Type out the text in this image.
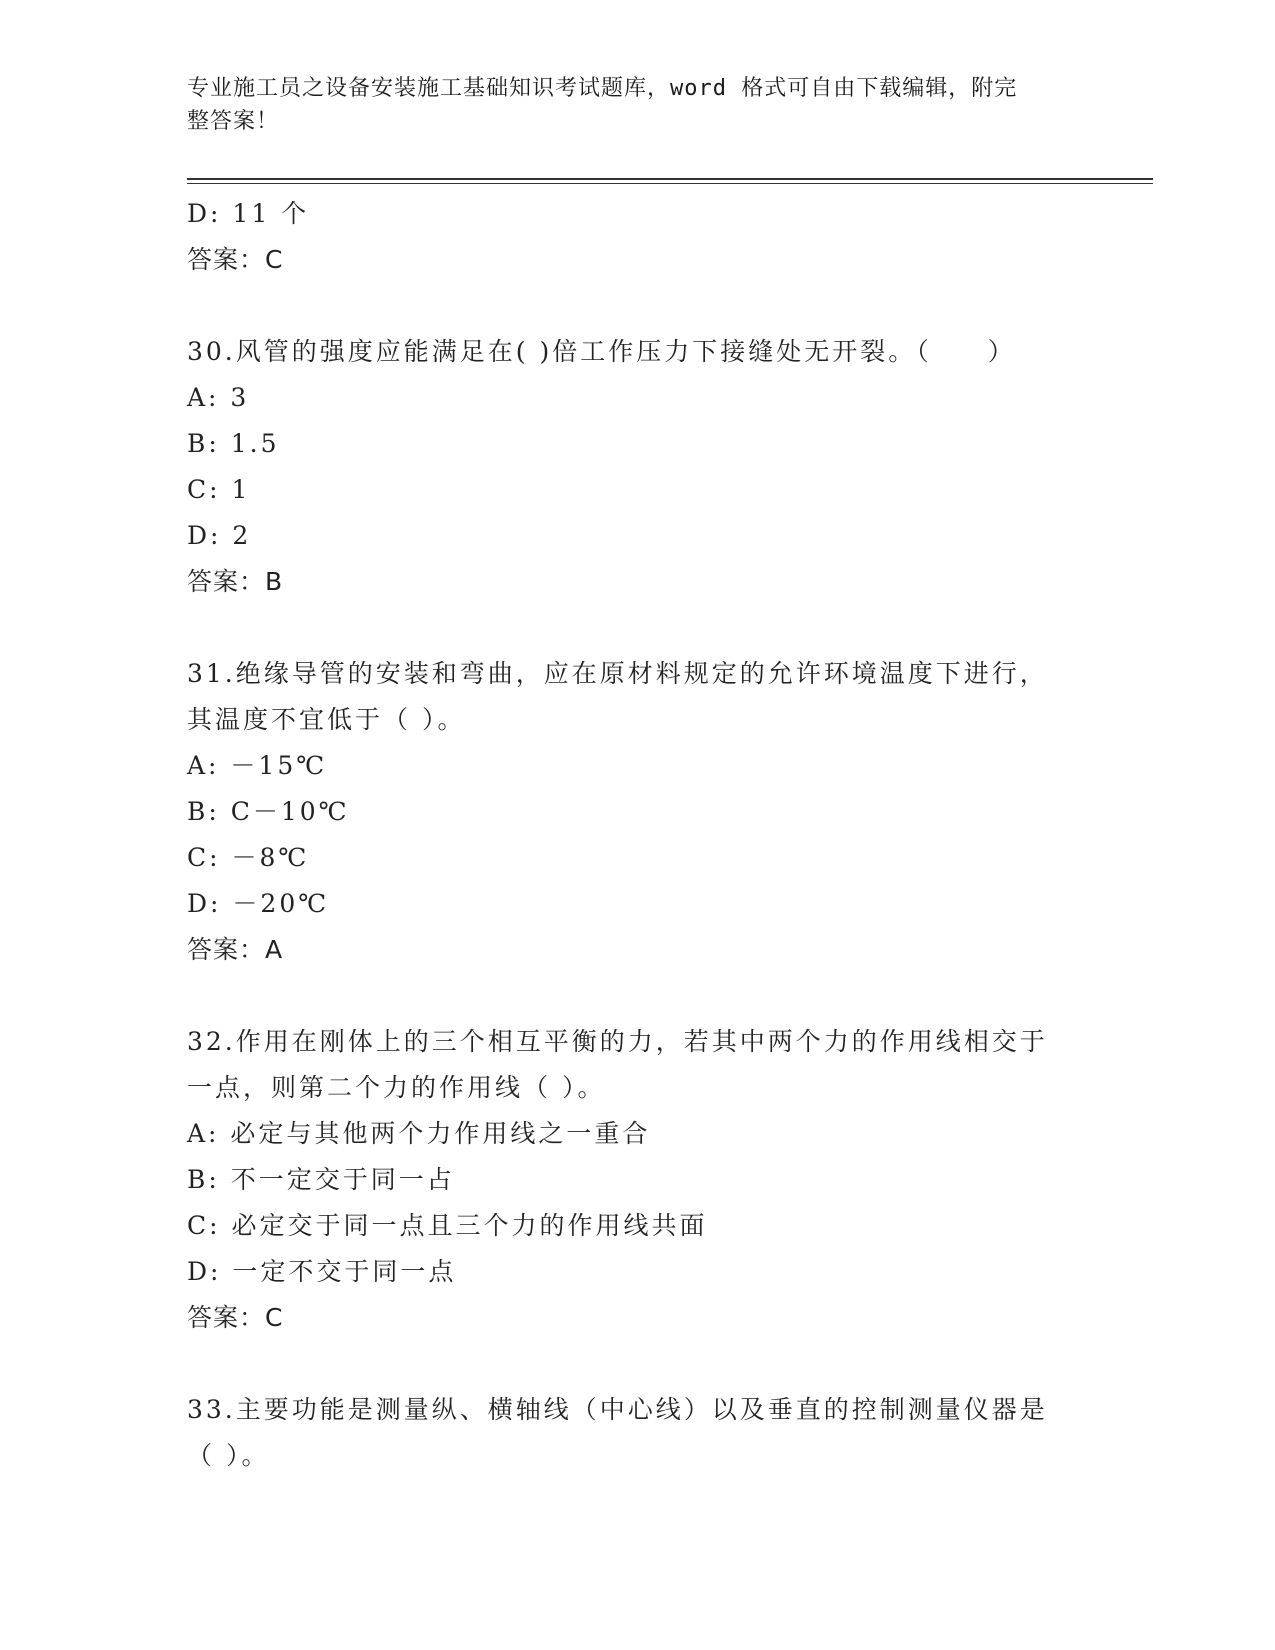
专业施工员之设备安装施工基础知识考试题库，word 格式可自由下载编辑，附完
整答案！
D: 11 个
答案：C
30.风管的强度应能满足在( )倍工作压力下接缝处无开裂。（　　）
A: 3
B: 1.5
C: 1
D: 2
答案：B
31.绝缘导管的安装和弯曲，应在原材料规定的允许环境温度下进行，
其温度不宜低于（ ）。
A: －15℃
B: C－10℃
C: －8℃
D: －20℃
答案：A
32.作用在刚体上的三个相互平衡的力，若其中两个力的作用线相交于
一点，则第二个力的作用线（ ）。
A: 必定与其他两个力作用线之一重合
B: 不一定交于同一占
C: 必定交于同一点且三个力的作用线共面
D: 一定不交于同一点
答案：C
33.主要功能是测量纵、横轴线（中心线）以及垂直的控制测量仪器是
（ ）。
